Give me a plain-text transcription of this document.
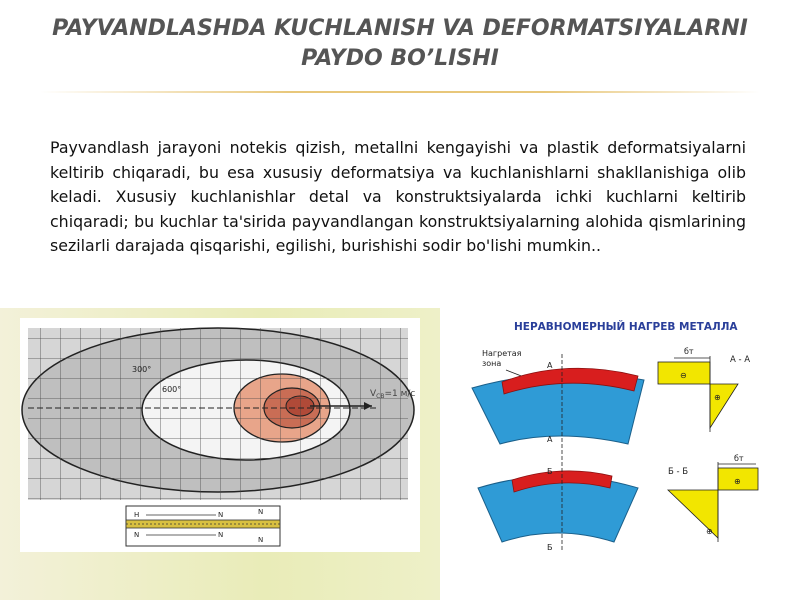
PAYVANDLASHDA KUCHLANISH VA DEFORMATSIYALARNI
PAYDO BO’LISHI
Payvandlash jarayoni notekis qizish, metallni kengayishi va plastik deformatsiyalarni keltirib chiqaradi, bu esa xususiy deformatsiya va kuchlanishlarni shakllanishiga olib keladi. Xususiy kuchlanishlar detal va konstruktsiyalarda ichki kuchlarni keltirib chiqaradi; bu kuchlar ta'sirida payvandlangan konstruktsiyalarning alohida qismlarining sezilarli darajada qisqarishi, egilishi, burishishi sodir bo'lishi mumkin..
300°
600°	$V_{СВ}=1$ м/с
H	N
N	N
N
N
НЕРАВНОМЕРНЫЙ НАГРЕВ МЕТАЛЛА
Нагретая зона	А
А
Б
Б
бт
А - А
⊖
⊕
бт
Б - Б
⊕
⊕
